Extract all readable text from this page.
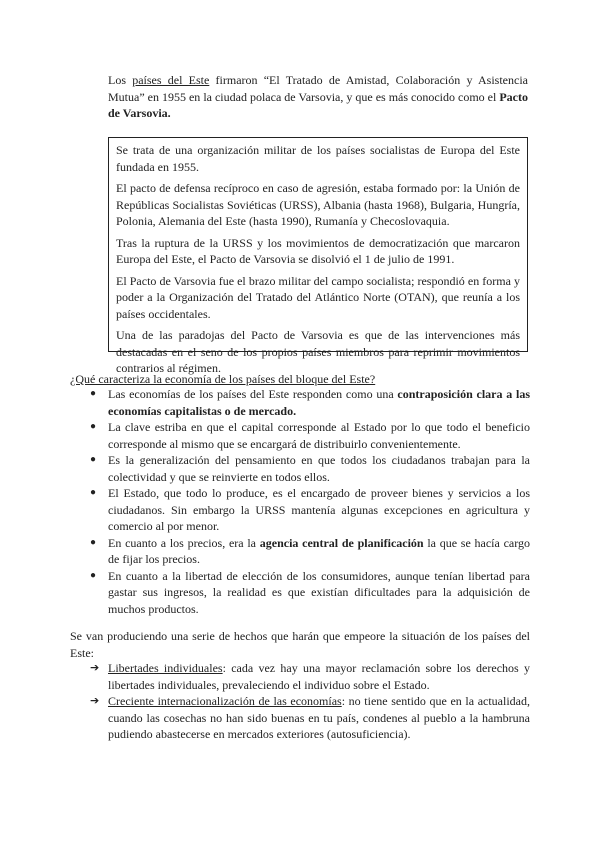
Los países del Este firmaron “El Tratado de Amistad, Colaboración y Asistencia Mutua” en 1955 en la ciudad polaca de Varsovia, y que es más conocido como el Pacto de Varsovia.

Se trata de una organización militar de los países socialistas de Europa del Este fundada en 1955.

El pacto de defensa recíproco en caso de agresión, estaba formado por: la Unión de Repúblicas Socialistas Soviéticas (URSS), Albania (hasta 1968), Bulgaria, Hungría, Polonia, Alemania del Este (hasta 1990), Rumanía y Checoslovaquia.

Tras la ruptura de la URSS y los movimientos de democratización que marcaron Europa del Este, el Pacto de Varsovia se disolvió el 1 de julio de 1991.

El Pacto de Varsovia fue el brazo militar del campo socialista; respondió en forma y poder a la Organización del Tratado del Atlántico Norte (OTAN), que reunía a los países occidentales.

Una de las paradojas del Pacto de Varsovia es que de las intervenciones más destacadas en el seno de los propios países miembros para reprimir movimientos contrarios al régimen.

¿Qué caracteriza la economía de los países del bloque del Este?

● Las economías de los países del Este responden como una contraposición clara a las economías capitalistas o de mercado.
● La clave estriba en que el capital corresponde al Estado por lo que todo el beneficio corresponde al mismo que se encargará de distribuirlo convenientemente.
● Es la generalización del pensamiento en que todos los ciudadanos trabajan para la colectividad y que se reinvierte en todos ellos.
● El Estado, que todo lo produce, es el encargado de proveer bienes y servicios a los ciudadanos. Sin embargo la URSS mantenía algunas excepciones en agricultura y comercio al por menor.
● En cuanto a los precios, era la agencia central de planificación la que se hacía cargo de fijar los precios.
● En cuanto a la libertad de elección de los consumidores, aunque tenían libertad para gastar sus ingresos, la realidad es que existían dificultades para la adquisición de muchos productos.

Se van produciendo una serie de hechos que harán que empeore la situación de los países del Este:

➔ Libertades individuales: cada vez hay una mayor reclamación sobre los derechos y libertades individuales, prevaleciendo el individuo sobre el Estado.
➔ Creciente internacionalización de las economías: no tiene sentido que en la actualidad, cuando las cosechas no han sido buenas en tu país, condenes al pueblo a la hambruna pudiendo abastecerse en mercados exteriores (autosuficiencia).
